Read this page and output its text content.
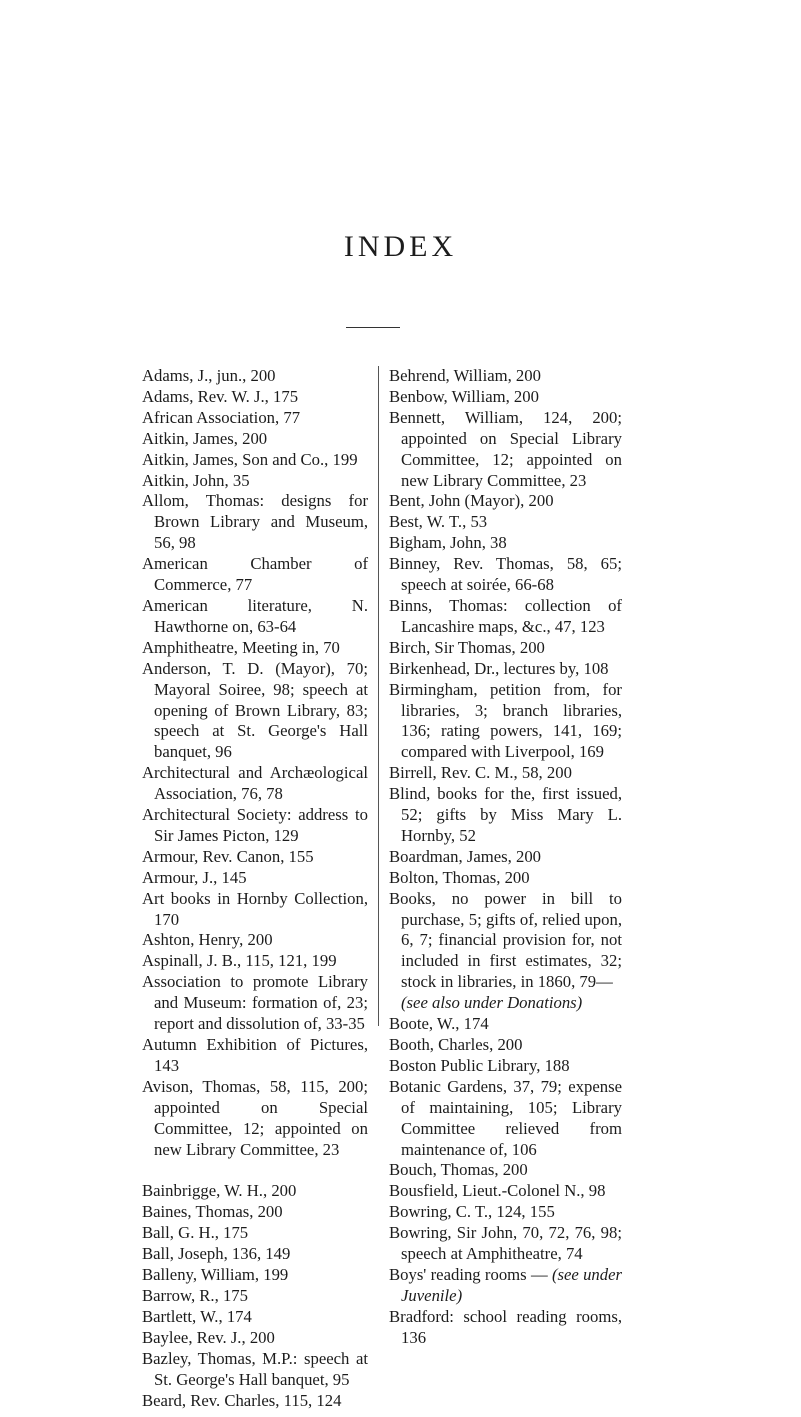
INDEX

Adams, J., jun., 200

Adams, Rev. W. J., 175

African Association, 77

Aitkin, James, 200

Aitkin, James, Son and Co., 199

Aitkin, John, 35

Allom, Thomas: designs for Brown Library and Museum, 56, 98

American Chamber of Commerce, 77

American literature, N. Hawthorne on, 63-64

Amphitheatre, Meeting in, 70

Anderson, T. D. (Mayor), 70; Mayoral Soiree, 98; speech at opening of Brown Library, 83; speech at St. George's Hall banquet, 96

Architectural and Archæological Association, 76, 78

Architectural Society: address to Sir James Picton, 129

Armour, Rev. Canon, 155

Armour, J., 145

Art books in Hornby Collection, 170

Ashton, Henry, 200

Aspinall, J. B., 115, 121, 199

Association to promote Library and Museum: formation of, 23; report and dissolution of, 33-35

Autumn Exhibition of Pictures, 143

Avison, Thomas, 58, 115, 200; appointed on Special Committee, 12; appointed on new Library Committee, 23

Bainbrigge, W. H., 200

Baines, Thomas, 200

Ball, G. H., 175

Ball, Joseph, 136, 149

Balleny, William, 199

Barrow, R., 175

Bartlett, W., 174

Baylee, Rev. J., 200

Bazley, Thomas, M.P.: speech at St. George's Hall banquet, 95

Beard, Rev. Charles, 115, 124

Behrend, William, 200

Benbow, William, 200

Bennett, William, 124, 200; appointed on Special Library Committee, 12; appointed on new Library Committee, 23

Bent, John (Mayor), 200

Best, W. T., 53

Bigham, John, 38

Binney, Rev. Thomas, 58, 65; speech at soirée, 66-68

Binns, Thomas: collection of Lancashire maps, &c., 47, 123

Birch, Sir Thomas, 200

Birkenhead, Dr., lectures by, 108

Birmingham, petition from, for libraries, 3; branch libraries, 136; rating powers, 141, 169; compared with Liverpool, 169

Birrell, Rev. C. M., 58, 200

Blind, books for the, first issued, 52; gifts by Miss Mary L. Hornby, 52

Boardman, James, 200

Bolton, Thomas, 200

Books, no power in bill to purchase, 5; gifts of, relied upon, 6, 7; financial provision for, not included in first estimates, 32; stock in libraries, in 1860, 79—
(see also under Donations)

Boote, W., 174

Booth, Charles, 200

Boston Public Library, 188

Botanic Gardens, 37, 79; expense of maintaining, 105; Library Committee relieved from maintenance of, 106

Bouch, Thomas, 200

Bousfield, Lieut.-Colonel N., 98

Bowring, C. T., 124, 155

Bowring, Sir John, 70, 72, 76, 98; speech at Amphitheatre, 74

Boys' reading rooms — (see under Juvenile)

Bradford: school reading rooms, 136
